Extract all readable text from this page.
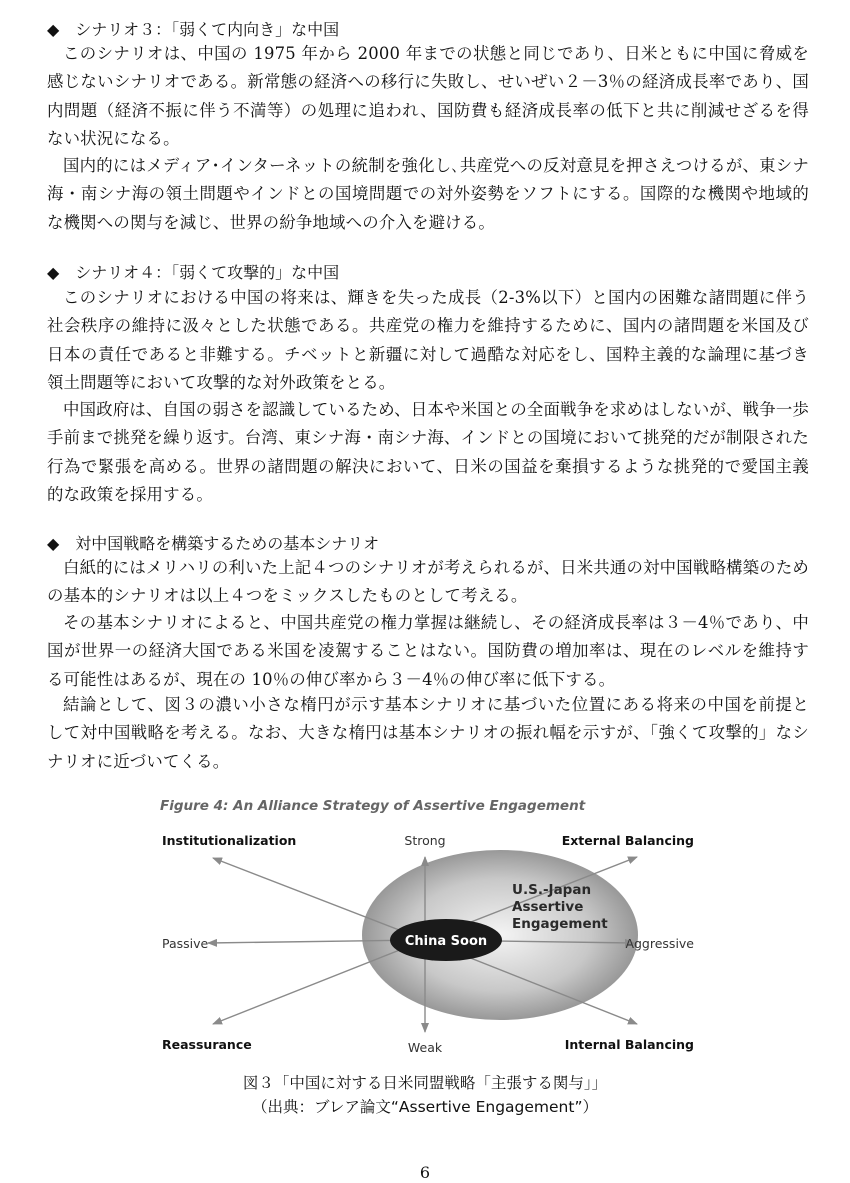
◆　シナリオ３：「弱くて内向き」な中国

このシナリオは、中国の 1975 年から 2000 年までの状態と同じであり、日米ともに中国に脅威を感じないシナリオである。新常態の経済への移行に失敗し、せいぜい２－3％の経済成長率であり、国内問題（経済不振に伴う不満等）の処理に追われ、国防費も経済成長率の低下と共に削減せざるを得ない状況になる。

国内的にはメディア･インターネットの統制を強化し､共産党への反対意見を押さえつけるが、東シナ海・南シナ海の領土問題やインドとの国境問題での対外姿勢をソフトにする。国際的な機関や地域的な機関への関与を減じ、世界の紛争地域への介入を避ける。

◆　シナリオ４：「弱くて攻撃的」な中国

このシナリオにおける中国の将来は、輝きを失った成長（2-3%以下）と国内の困難な諸問題に伴う社会秩序の維持に汲々とした状態である。共産党の権力を維持するために、国内の諸問題を米国及び日本の責任であると非難する。チベットと新疆に対して過酷な対応をし、国粋主義的な論理に基づき領土問題等において攻撃的な対外政策をとる。

中国政府は、自国の弱さを認識しているため、日本や米国との全面戦争を求めはしないが、戦争一歩手前まで挑発を繰り返す。台湾、東シナ海・南シナ海、インドとの国境において挑発的だが制限された行為で緊張を高める。世界の諸問題の解決において、日米の国益を棄損するような挑発的で愛国主義的な政策を採用する。

◆　対中国戦略を構築するための基本シナリオ

白紙的にはメリハリの利いた上記４つのシナリオが考えられるが、日米共通の対中国戦略構築のための基本的シナリオは以上４つをミックスしたものとして考える。

その基本シナリオによると、中国共産党の権力掌握は継続し、その経済成長率は３－4％であり、中国が世界一の経済大国である米国を凌駕することはない。国防費の増加率は、現在のレベルを維持する可能性はあるが、現在の 10％の伸び率から３－4％の伸び率に低下する。

結論として、図３の濃い小さな楕円が示す基本シナリオに基づいた位置にある将来の中国を前提として対中国戦略を考える。なお、大きな楕円は基本シナリオの振れ幅を示すが、「強くて攻撃的」なシナリオに近づいてくる。

Figure 4: An Alliance Strategy of Assertive Engagement
China Soon
U.S.-Japan
Assertive
Engagement
Institutionalization	Strong	External Balancing
Passive	Aggressive
Reassurance	Weak	Internal Balancing
図３「中国に対する日米同盟戦略「主張する関与」」
（出典：ブレア論文“Assertive Engagement”）
6
